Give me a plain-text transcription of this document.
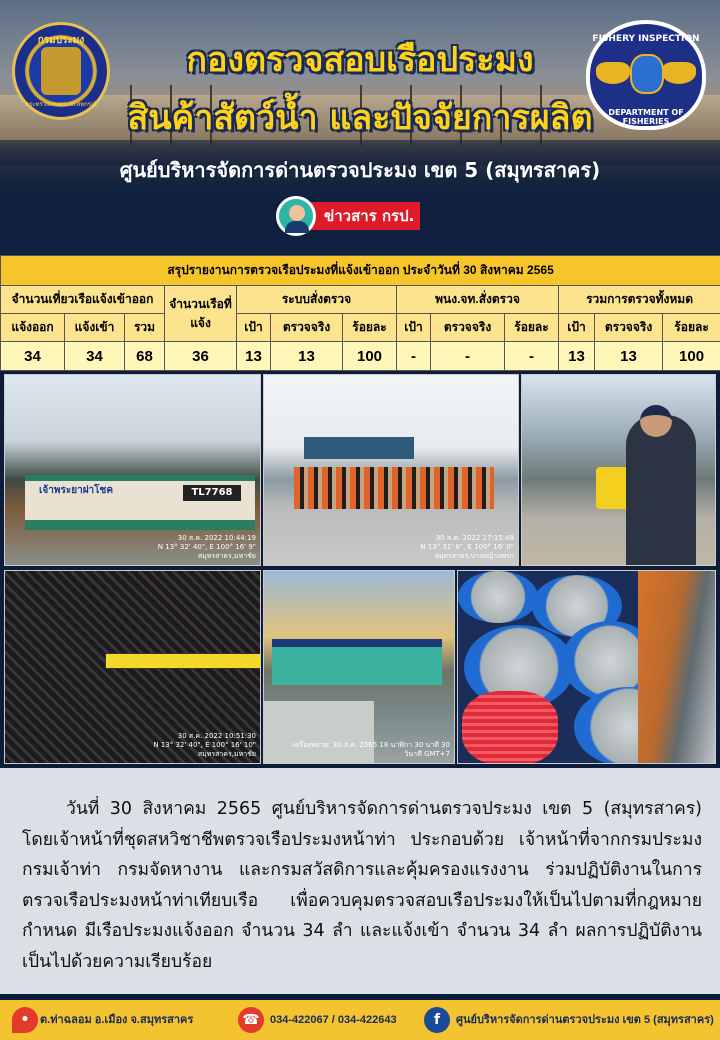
กรมประมง
กระทรวงเกษตรและสหกรณ์
กองตรวจสอบเรือประมง
สินค้าสัตว์น้ำ และปัจจัยการผลิต
FISHERY INSPECTION
DEPARTMENT OF FISHERIES
ศูนย์บริหารจัดการด่านตรวจประมง เขต 5 (สมุทรสาคร)
ข่าวสาร กรป.
สรุปรายงานการตรวจเรือประมงที่แจ้งเข้าออก ประจำวันที่ 30 สิงหาคม 2565												
จำนวนเที่ยวเรือแจ้งเข้าออก			จำนวนเรือที่แจ้ง	ระบบสั่งตรวจ			พนง.จท.สั่งตรวจ			รวมการตรวจทั้งหมด		
แจ้งออก	แจ้งเข้า	รวม		เป้า	ตรวจจริง	ร้อยละ	เป้า	ตรวจจริง	ร้อยละ	เป้า	ตรวจจริง	ร้อยละ
34	34	68	36	13	13	100	-	-	-	13	13	100
เจ้าพระยาฝาโชค	TL7768
30 ส.ค. 2022 10:44:19
N 13° 32' 40", E 100° 16' 9"
สมุทรสาคร,มหาชัย
30 ส.ค. 2022 17:15:49
N 13° 31' 8", E 100° 16' 0"
สมุทรสาคร,บางหญ้าแพรก
30 ส.ค. 2022 10:51:30
N 13° 32' 40", E 100° 16' 10"
สมุทรสาคร,มหาชัย
เครื่องหมาย: 30 ส.ค. 2565 18 นาฬิกา 30 นาที 30
วินาที GMT+7

วันที่ 30 สิงหาคม 2565 ศูนย์บริหารจัดการด่านตรวจประมง เขต 5 (สมุทรสาคร) โดยเจ้าหน้าที่ชุดสหวิชาชีพตรวจเรือประมงหน้าท่า ประกอบด้วย เจ้าหน้าที่จากกรมประมง กรมเจ้าท่า กรมจัดหางาน และกรมสวัสดิการและคุ้มครองแรงงาน ร่วมปฏิบัติงานในการตรวจเรือประมงหน้าท่าเทียบเรือ เพื่อควบคุมตรวจสอบเรือประมงให้เป็นไปตามที่กฎหมายกำหนด มีเรือประมงแจ้งออก จำนวน 34 ลำ และแจ้งเข้า จำนวน 34 ลำ ผลการปฏิบัติงานเป็นไปด้วยความเรียบร้อย

• ต.ท่าฉลอม อ.เมือง จ.สมุทรสาคร	☎ 034-422067 / 034-422643	f	ศูนย์บริหารจัดการด่านตรวจประมง เขต 5 (สมุทรสาคร)
